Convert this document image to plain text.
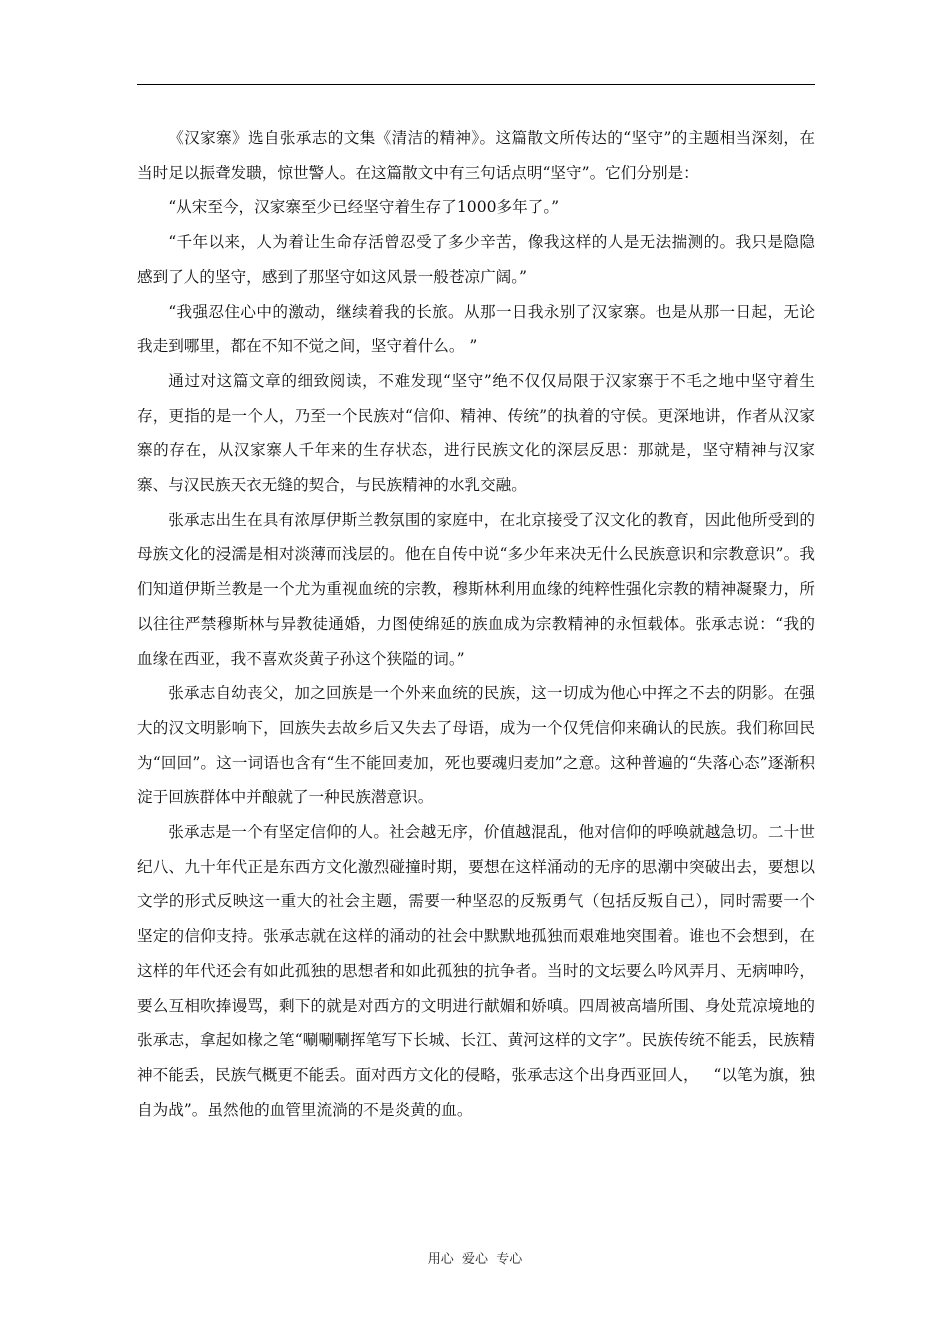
《汉家寨》选自张承志的文集《清洁的精神》。这篇散文所传达的“坚守”的主题相当深刻，在当时足以振聋发聩，惊世警人。在这篇散文中有三句话点明“坚守”。它们分别是：

“从宋至今，汉家寨至少已经坚守着生存了1000多年了。”

“千年以来，人为着让生命存活曾忍受了多少辛苦，像我这样的人是无法揣测的。我只是隐隐感到了人的坚守，感到了那坚守如这风景一般苍凉广阔。”

“我强忍住心中的激动，继续着我的长旅。从那一日我永别了汉家寨。也是从那一日起，无论我走到哪里，都在不知不觉之间，坚守着什么。 ”

通过对这篇文章的细致阅读，不难发现“坚守”绝不仅仅局限于汉家寨于不毛之地中坚守着生存，更指的是一个人，乃至一个民族对“信仰、精神、传统”的执着的守侯。更深地讲，作者从汉家寨的存在，从汉家寨人千年来的生存状态，进行民族文化的深层反思：那就是，坚守精神与汉家寨、与汉民族天衣无缝的契合，与民族精神的水乳交融。

张承志出生在具有浓厚伊斯兰教氛围的家庭中，在北京接受了汉文化的教育，因此他所受到的母族文化的浸濡是相对淡薄而浅层的。他在自传中说“多少年来决无什么民族意识和宗教意识”。我们知道伊斯兰教是一个尤为重视血统的宗教，穆斯林利用血缘的纯粹性强化宗教的精神凝聚力，所以往往严禁穆斯林与异教徒通婚，力图使绵延的族血成为宗教精神的永恒载体。张承志说：“我的血缘在西亚，我不喜欢炎黄子孙这个狭隘的词。”

张承志自幼丧父，加之回族是一个外来血统的民族，这一切成为他心中挥之不去的阴影。在强大的汉文明影响下，回族失去故乡后又失去了母语，成为一个仅凭信仰来确认的民族。我们称回民为“回回”。这一词语也含有“生不能回麦加，死也要魂归麦加”之意。这种普遍的“失落心态”逐渐积淀于回族群体中并酿就了一种民族潜意识。

张承志是一个有坚定信仰的人。社会越无序，价值越混乱，他对信仰的呼唤就越急切。二十世纪八、九十年代正是东西方文化激烈碰撞时期，要想在这样涌动的无序的思潮中突破出去，要想以文学的形式反映这一重大的社会主题，需要一种坚忍的反叛勇气（包括反叛自己），同时需要一个坚定的信仰支持。张承志就在这样的涌动的社会中默默地孤独而艰难地突围着。谁也不会想到，在这样的年代还会有如此孤独的思想者和如此孤独的抗争者。当时的文坛要么吟风弄月、无病呻吟，要么互相吹捧谩骂，剩下的就是对西方的文明进行献媚和娇嗔。四周被高墙所围、身处荒凉境地的张承志，拿起如椽之笔“唰唰唰挥笔写下长城、长江、黄河这样的文字”。民族传统不能丢，民族精神不能丢，民族气概更不能丢。面对西方文化的侵略，张承志这个出身西亚回人，   “以笔为旗，独自为战”。虽然他的血管里流淌的不是炎黄的血。

用心  爱心  专心
